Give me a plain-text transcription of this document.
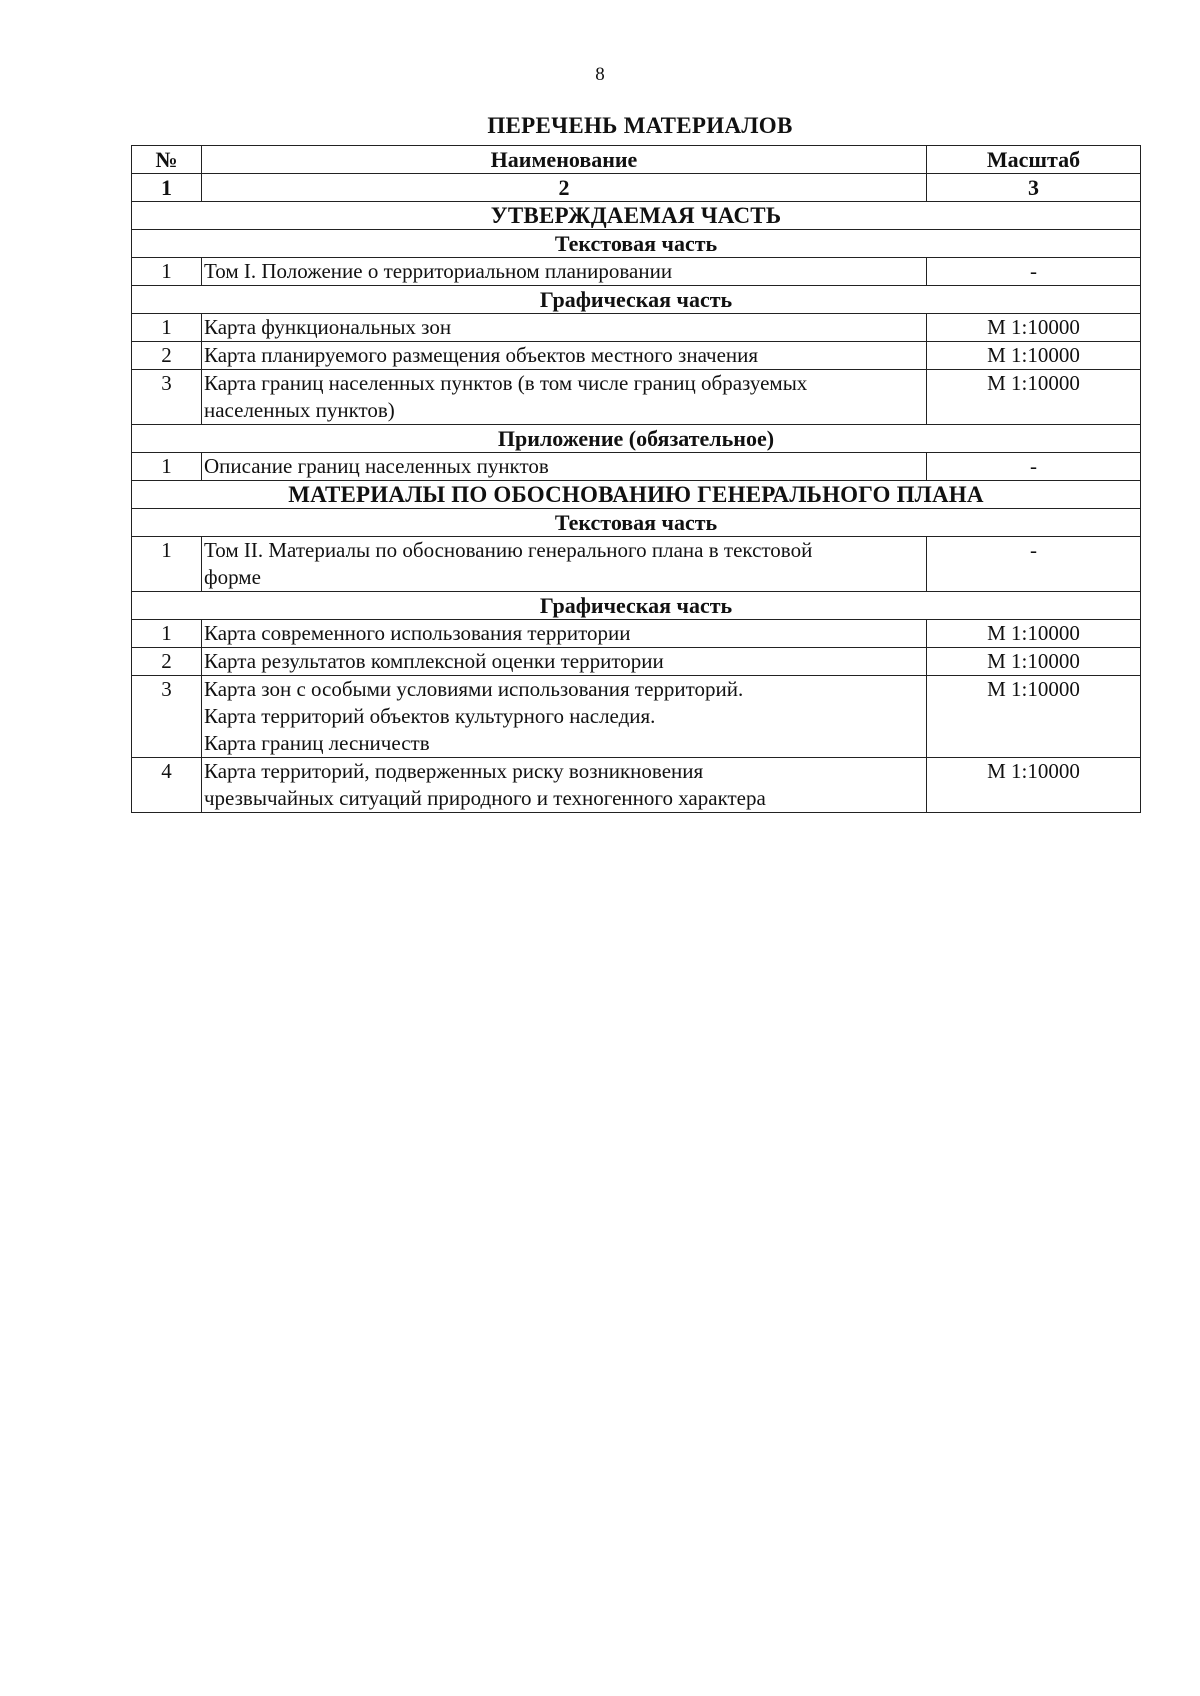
8
ПЕРЕЧЕНЬ МАТЕРИАЛОВ
№	Наименование	Масштаб
1	2	3
УТВЕРЖДАЕМАЯ ЧАСТЬ		
Текстовая часть		
1	Том I. Положение о территориальном планировании	-
Графическая часть		
1	Карта функциональных зон	М 1:10000
2	Карта планируемого размещения объектов местного значения	М 1:10000
3	Карта границ населенных пунктов (в том числе границ образуемых
населенных пунктов)	М 1:10000
Приложение (обязательное)		
1	Описание границ населенных пунктов	-
МАТЕРИАЛЫ ПО ОБОСНОВАНИЮ ГЕНЕРАЛЬНОГО ПЛАНА		
Текстовая часть		
1	Том II. Материалы по обоснованию генерального плана в текстовой
форме	-
Графическая часть		
1	Карта современного использования территории	М 1:10000
2	Карта результатов комплексной оценки территории	М 1:10000
3	Карта зон с особыми условиями использования территорий.
Карта территорий объектов культурного наследия.
Карта границ лесничеств	М 1:10000
4	Карта территорий, подверженных риску возникновения
чрезвычайных ситуаций природного и техногенного характера	М 1:10000
